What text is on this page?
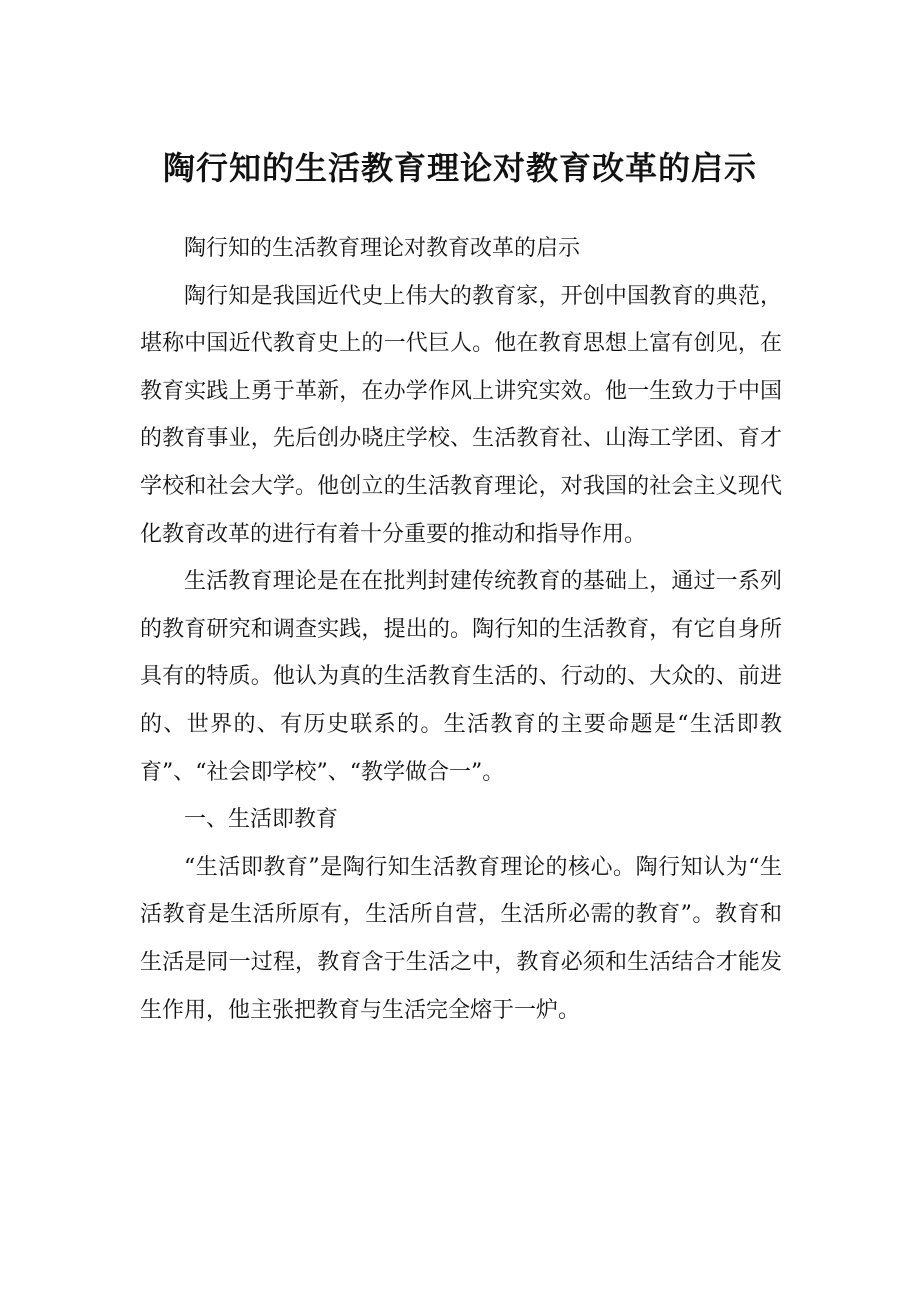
陶行知的生活教育理论对教育改革的启示

陶行知的生活教育理论对教育改革的启示

陶行知是我国近代史上伟大的教育家，开创中国教育的典范，堪称中国近代教育史上的一代巨人。他在教育思想上富有创见，在教育实践上勇于革新，在办学作风上讲究实效。他一生致力于中国的教育事业，先后创办晓庄学校、生活教育社、山海工学团、育才学校和社会大学。他创立的生活教育理论，对我国的社会主义现代化教育改革的进行有着十分重要的推动和指导作用。

生活教育理论是在在批判封建传统教育的基础上，通过一系列的教育研究和调查实践，提出的。陶行知的生活教育，有它自身所具有的特质。他认为真的生活教育生活的、行动的、大众的、前进的、世界的、有历史联系的。生活教育的主要命题是“生活即教育”、“社会即学校”、“教学做合一”。

一、生活即教育

“生活即教育”是陶行知生活教育理论的核心。陶行知认为“生活教育是生活所原有，生活所自营，生活所必需的教育”。教育和生活是同一过程，教育含于生活之中，教育必须和生活结合才能发生作用，他主张把教育与生活完全熔于一炉。
